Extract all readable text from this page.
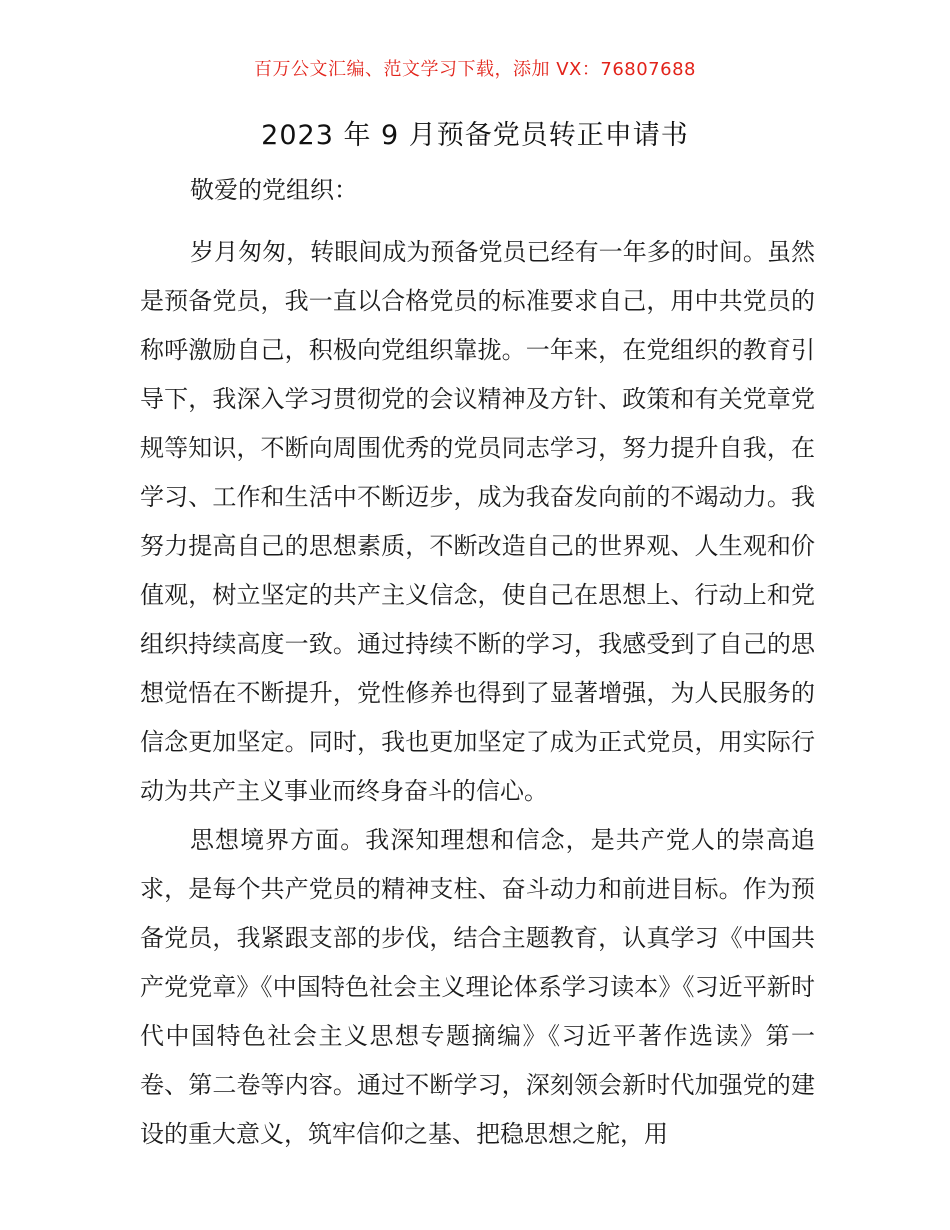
百万公文汇编、范文学习下载，添加 VX：76807688
2023 年 9 月预备党员转正申请书

敬爱的党组织：

岁月匆匆，转眼间成为预备党员已经有一年多的时间。虽然是预备党员，我一直以合格党员的标准要求自己，用中共党员的称呼激励自己，积极向党组织靠拢。一年来，在党组织的教育引导下，我深入学习贯彻党的会议精神及方针、政策和有关党章党规等知识，不断向周围优秀的党员同志学习，努力提升自我，在学习、工作和生活中不断迈步，成为我奋发向前的不竭动力。我努力提高自己的思想素质，不断改造自己的世界观、人生观和价值观，树立坚定的共产主义信念，使自己在思想上、行动上和党组织持续高度一致。通过持续不断的学习，我感受到了自己的思想觉悟在不断提升，党性修养也得到了显著增强，为人民服务的信念更加坚定。同时，我也更加坚定了成为正式党员，用实际行动为共产主义事业而终身奋斗的信心。

思想境界方面。我深知理想和信念，是共产党人的崇高追求，是每个共产党员的精神支柱、奋斗动力和前进目标。作为预备党员，我紧跟支部的步伐，结合主题教育，认真学习《中国共产党党章》《中国特色社会主义理论体系学习读本》《习近平新时代中国特色社会主义思想专题摘编》《习近平著作选读》第一卷、第二卷等内容。通过不断学习，深刻领会新时代加强党的建设的重大意义，筑牢信仰之基、把稳思想之舵，用
